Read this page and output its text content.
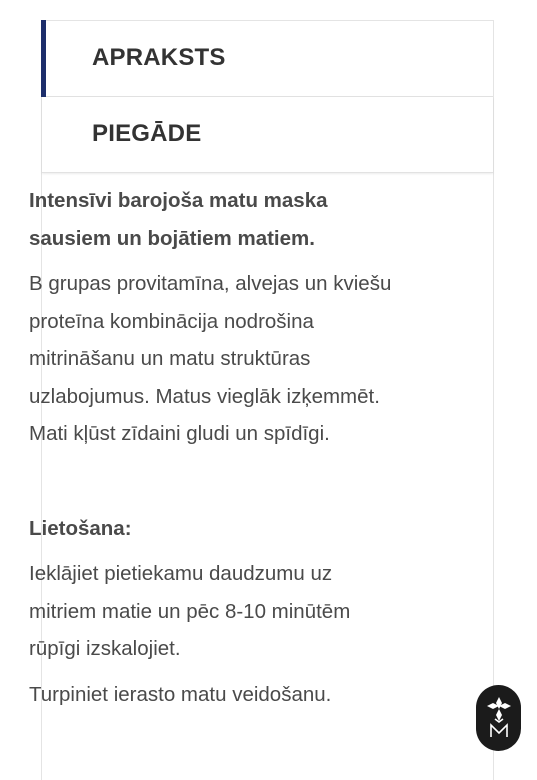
APRAKSTS
PIEGĀDE

Intensīvi barojoša matu maska

sausiem un bojātiem matiem.

B grupas provitamīna, alvejas un kviešu

proteīna kombinācija nodrošina

mitrināšanu un matu struktūras

uzlabojumus. Matus vieglāk izķemmēt.

Mati kļūst zīdaini gludi un spīdīgi.

Lietošana:

Ieklājiet pietiekamu daudzumu uz

mitriem matie un pēc 8-10 minūtēm

rūpīgi izskalojiet.

Turpiniet ierasto matu veidošanu.
